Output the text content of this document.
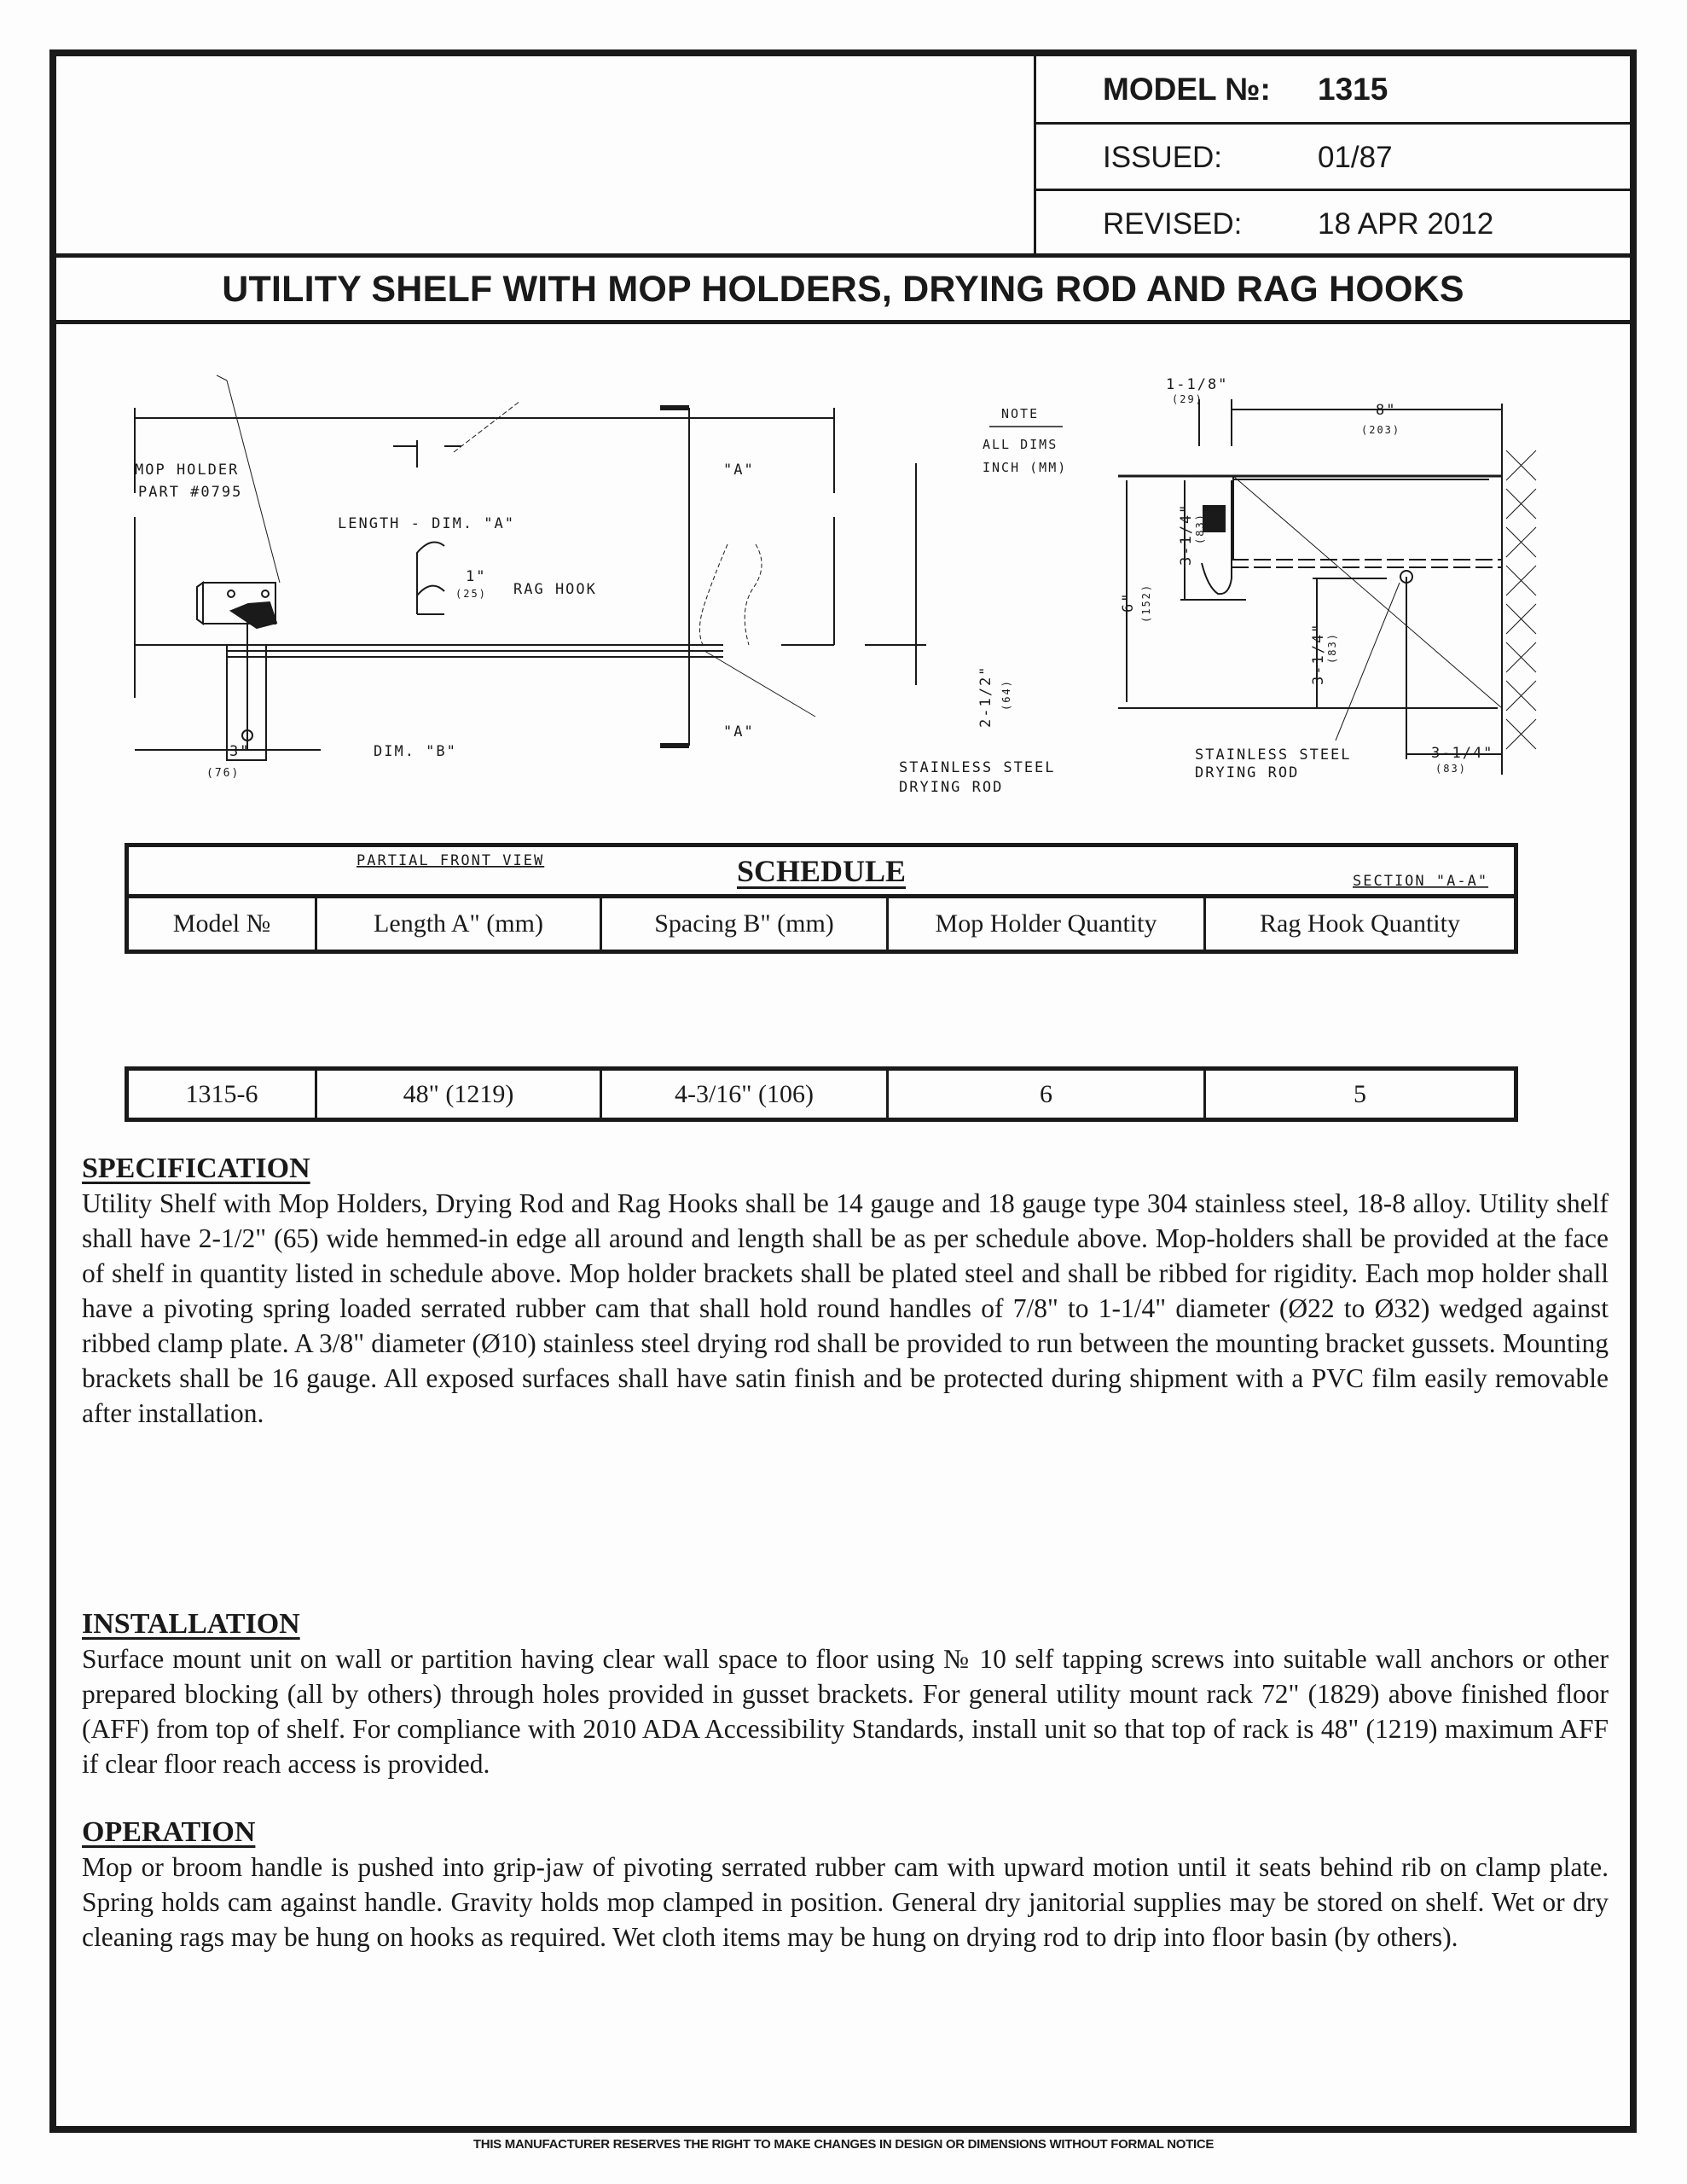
MODEL №: 1315
ISSUED:	01/87
REVISED:	18 APR 2012
UTILITY SHELF WITH MOP HOLDERS, DRYING ROD AND RAG HOOKS
MOP HOLDER
PART #0795
LENGTH - DIM. "A"
1"
(25) RAG HOOK
"A"
"A"
2-1/2" (64)
3"
(76)
DIM. "B"
STAINLESS STEEL
DRYING ROD
PARTIAL FRONT VIEW
NOTE
ALL DIMS
INCH (MM)
1-1/8"
(29)
8"
(203)
6" (152)
3-1/4" (83)
3-1/4" (83)
3-1/4"
(83)
STAINLESS STEEL
DRYING ROD
SECTION "A-A"
SCHEDULE
Model №	Length A" (mm)	Spacing B" (mm)	Mop Holder Quantity	Rag Hook Quantity
1315-6	48" (1219)	4-3/16" (106)	6	5
SPECIFICATION

Utility Shelf with Mop Holders, Drying Rod and Rag Hooks shall be 14 gauge and 18 gauge type 304 stainless steel, 18-8 alloy. Utility shelf shall have 2-1/2" (65) wide hemmed-in edge all around and length shall be as per schedule above. Mop-holders shall be provided at the face of shelf in quantity listed in schedule above. Mop holder brackets shall be plated steel and shall be ribbed for rigidity. Each mop holder shall have a pivoting spring loaded serrated rubber cam that shall hold round handles of 7/8" to 1-1/4" diameter (Ø22 to Ø32) wedged against ribbed clamp plate. A 3/8" diameter (Ø10) stainless steel drying rod shall be provided to run between the mounting bracket gussets. Mounting brackets shall be 16 gauge. All exposed surfaces shall have satin finish and be protected during shipment with a PVC film easily removable after installation.

INSTALLATION

Surface mount unit on wall or partition having clear wall space to floor using № 10 self tapping screws into suitable wall anchors or other prepared blocking (all by others) through holes provided in gusset brackets. For general utility mount rack 72" (1829) above finished floor (AFF) from top of shelf. For compliance with 2010 ADA Accessibility Standards, install unit so that top of rack is 48" (1219) maximum AFF if clear floor reach access is provided.

OPERATION

Mop or broom handle is pushed into grip-jaw of pivoting serrated rubber cam with upward motion until it seats behind rib on clamp plate. Spring holds cam against handle. Gravity holds mop clamped in position. General dry janitorial supplies may be stored on shelf. Wet or dry cleaning rags may be hung on hooks as required. Wet cloth items may be hung on drying rod to drip into floor basin (by others).

THIS MANUFACTURER RESERVES THE RIGHT TO MAKE CHANGES IN DESIGN OR DIMENSIONS WITHOUT FORMAL NOTICE
